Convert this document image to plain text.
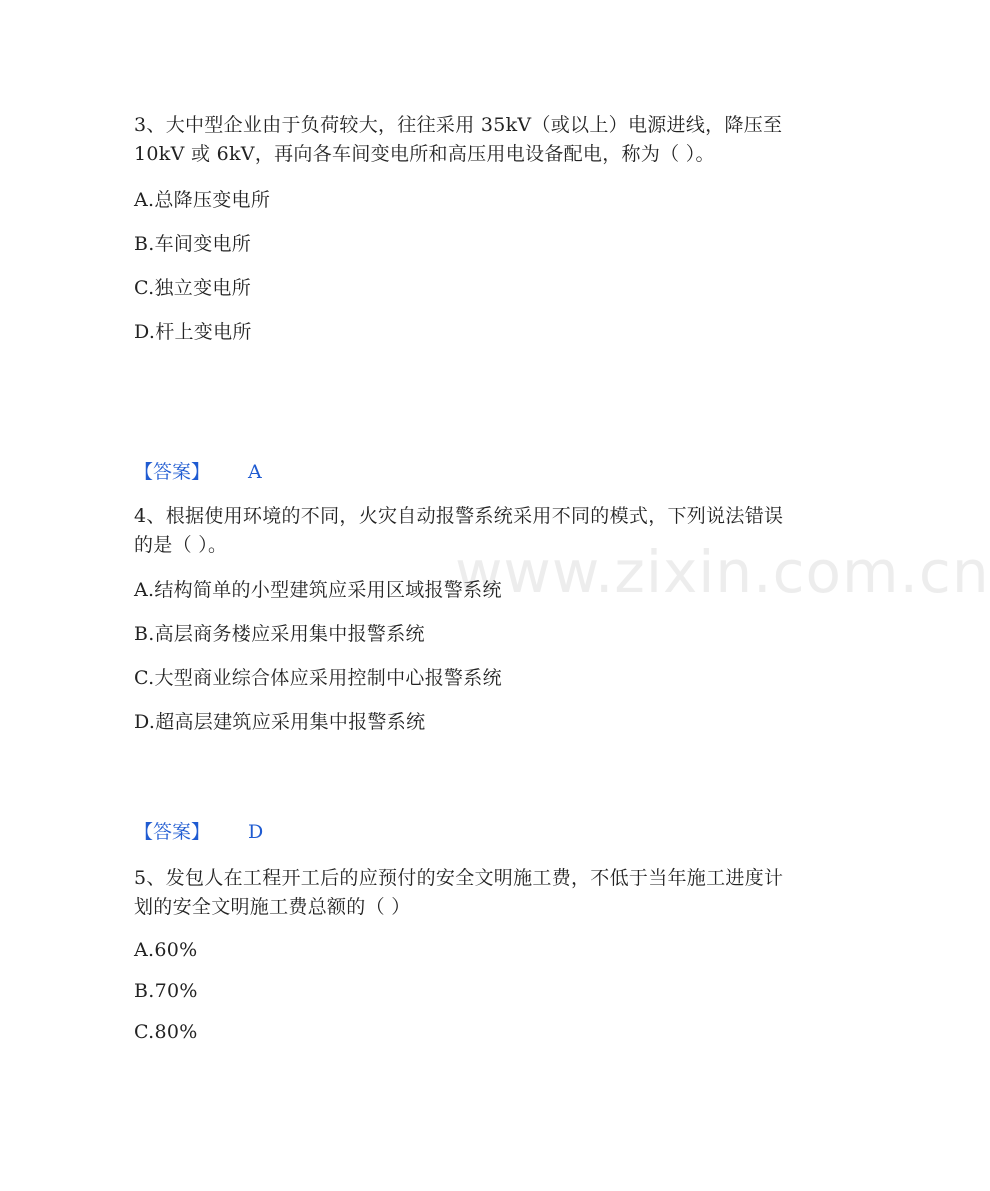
www.zixin.com.cn

3、大中型企业由于负荷较大，往往采用 35kV（或以上）电源进线，降压至 10kV 或 6kV，再向各车间变电所和高压用电设备配电，称为（ ）。

A.总降压变电所
B.车间变电所
C.独立变电所
D.杆上变电所
【答案】 A

4、根据使用环境的不同，火灾自动报警系统采用不同的模式，下列说法错误的是（ ）。

A.结构简单的小型建筑应采用区域报警系统
B.高层商务楼应采用集中报警系统
C.大型商业综合体应采用控制中心报警系统
D.超高层建筑应采用集中报警系统
【答案】 D

5、发包人在工程开工后的应预付的安全文明施工费，不低于当年施工进度计划的安全文明施工费总额的（ ）

A.60%
B.70%
C.80%
